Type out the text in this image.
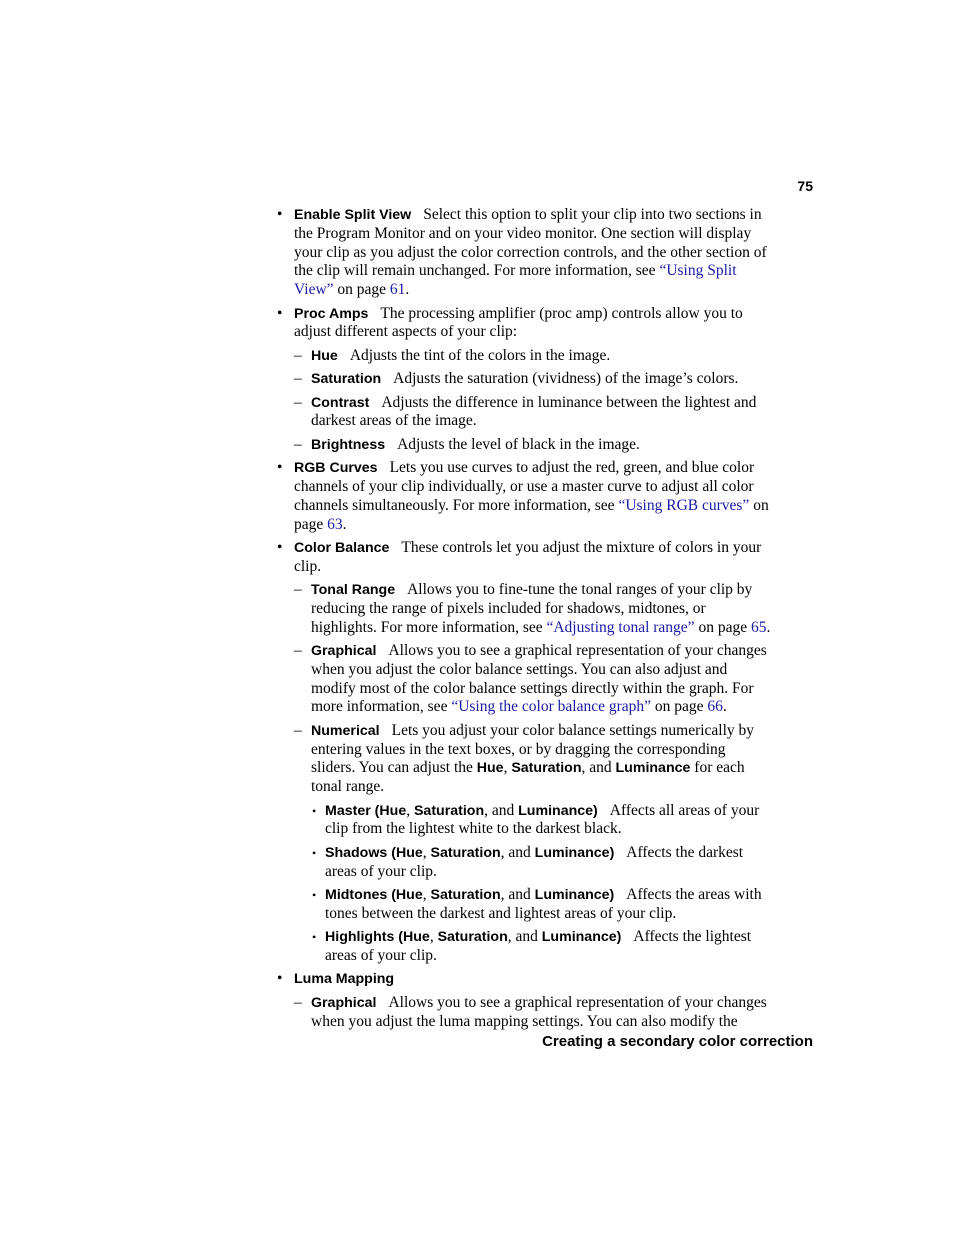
75
• Enable Split View Select this option to split your clip into two sections in the Program Monitor and on your video monitor. One section will display your clip as you adjust the color correction controls, and the other section of the clip will remain unchanged. For more information, see “Using Split View” on page 61.
• Proc Amps The processing amplifier (proc amp) controls allow you to adjust different aspects of your clip:
– Hue Adjusts the tint of the colors in the image.
– Saturation Adjusts the saturation (vividness) of the image’s colors.
– Contrast Adjusts the difference in luminance between the lightest and darkest areas of the image.
– Brightness Adjusts the level of black in the image.
• RGB Curves Lets you use curves to adjust the red, green, and blue color channels of your clip individually, or use a master curve to adjust all color channels simultaneously. For more information, see “Using RGB curves” on page 63.
• Color Balance These controls let you adjust the mixture of colors in your clip.
– Tonal Range Allows you to fine-tune the tonal ranges of your clip by reducing the range of pixels included for shadows, midtones, or highlights. For more information, see “Adjusting tonal range” on page 65.
– Graphical Allows you to see a graphical representation of your changes when you adjust the color balance settings. You can also adjust and modify most of the color balance settings directly within the graph. For more information, see “Using the color balance graph” on page 66.
– Numerical Lets you adjust your color balance settings numerically by entering values in the text boxes, or by dragging the corresponding sliders. You can adjust the Hue, Saturation, and Luminance for each tonal range.
• Master (Hue, Saturation, and Luminance) Affects all areas of your clip from the lightest white to the darkest black.
• Shadows (Hue, Saturation, and Luminance) Affects the darkest areas of your clip.
• Midtones (Hue, Saturation, and Luminance) Affects the areas with tones between the darkest and lightest areas of your clip.
• Highlights (Hue, Saturation, and Luminance) Affects the lightest areas of your clip.
• Luma Mapping
– Graphical Allows you to see a graphical representation of your changes when you adjust the luma mapping settings. You can also modify the
Creating a secondary color correction
